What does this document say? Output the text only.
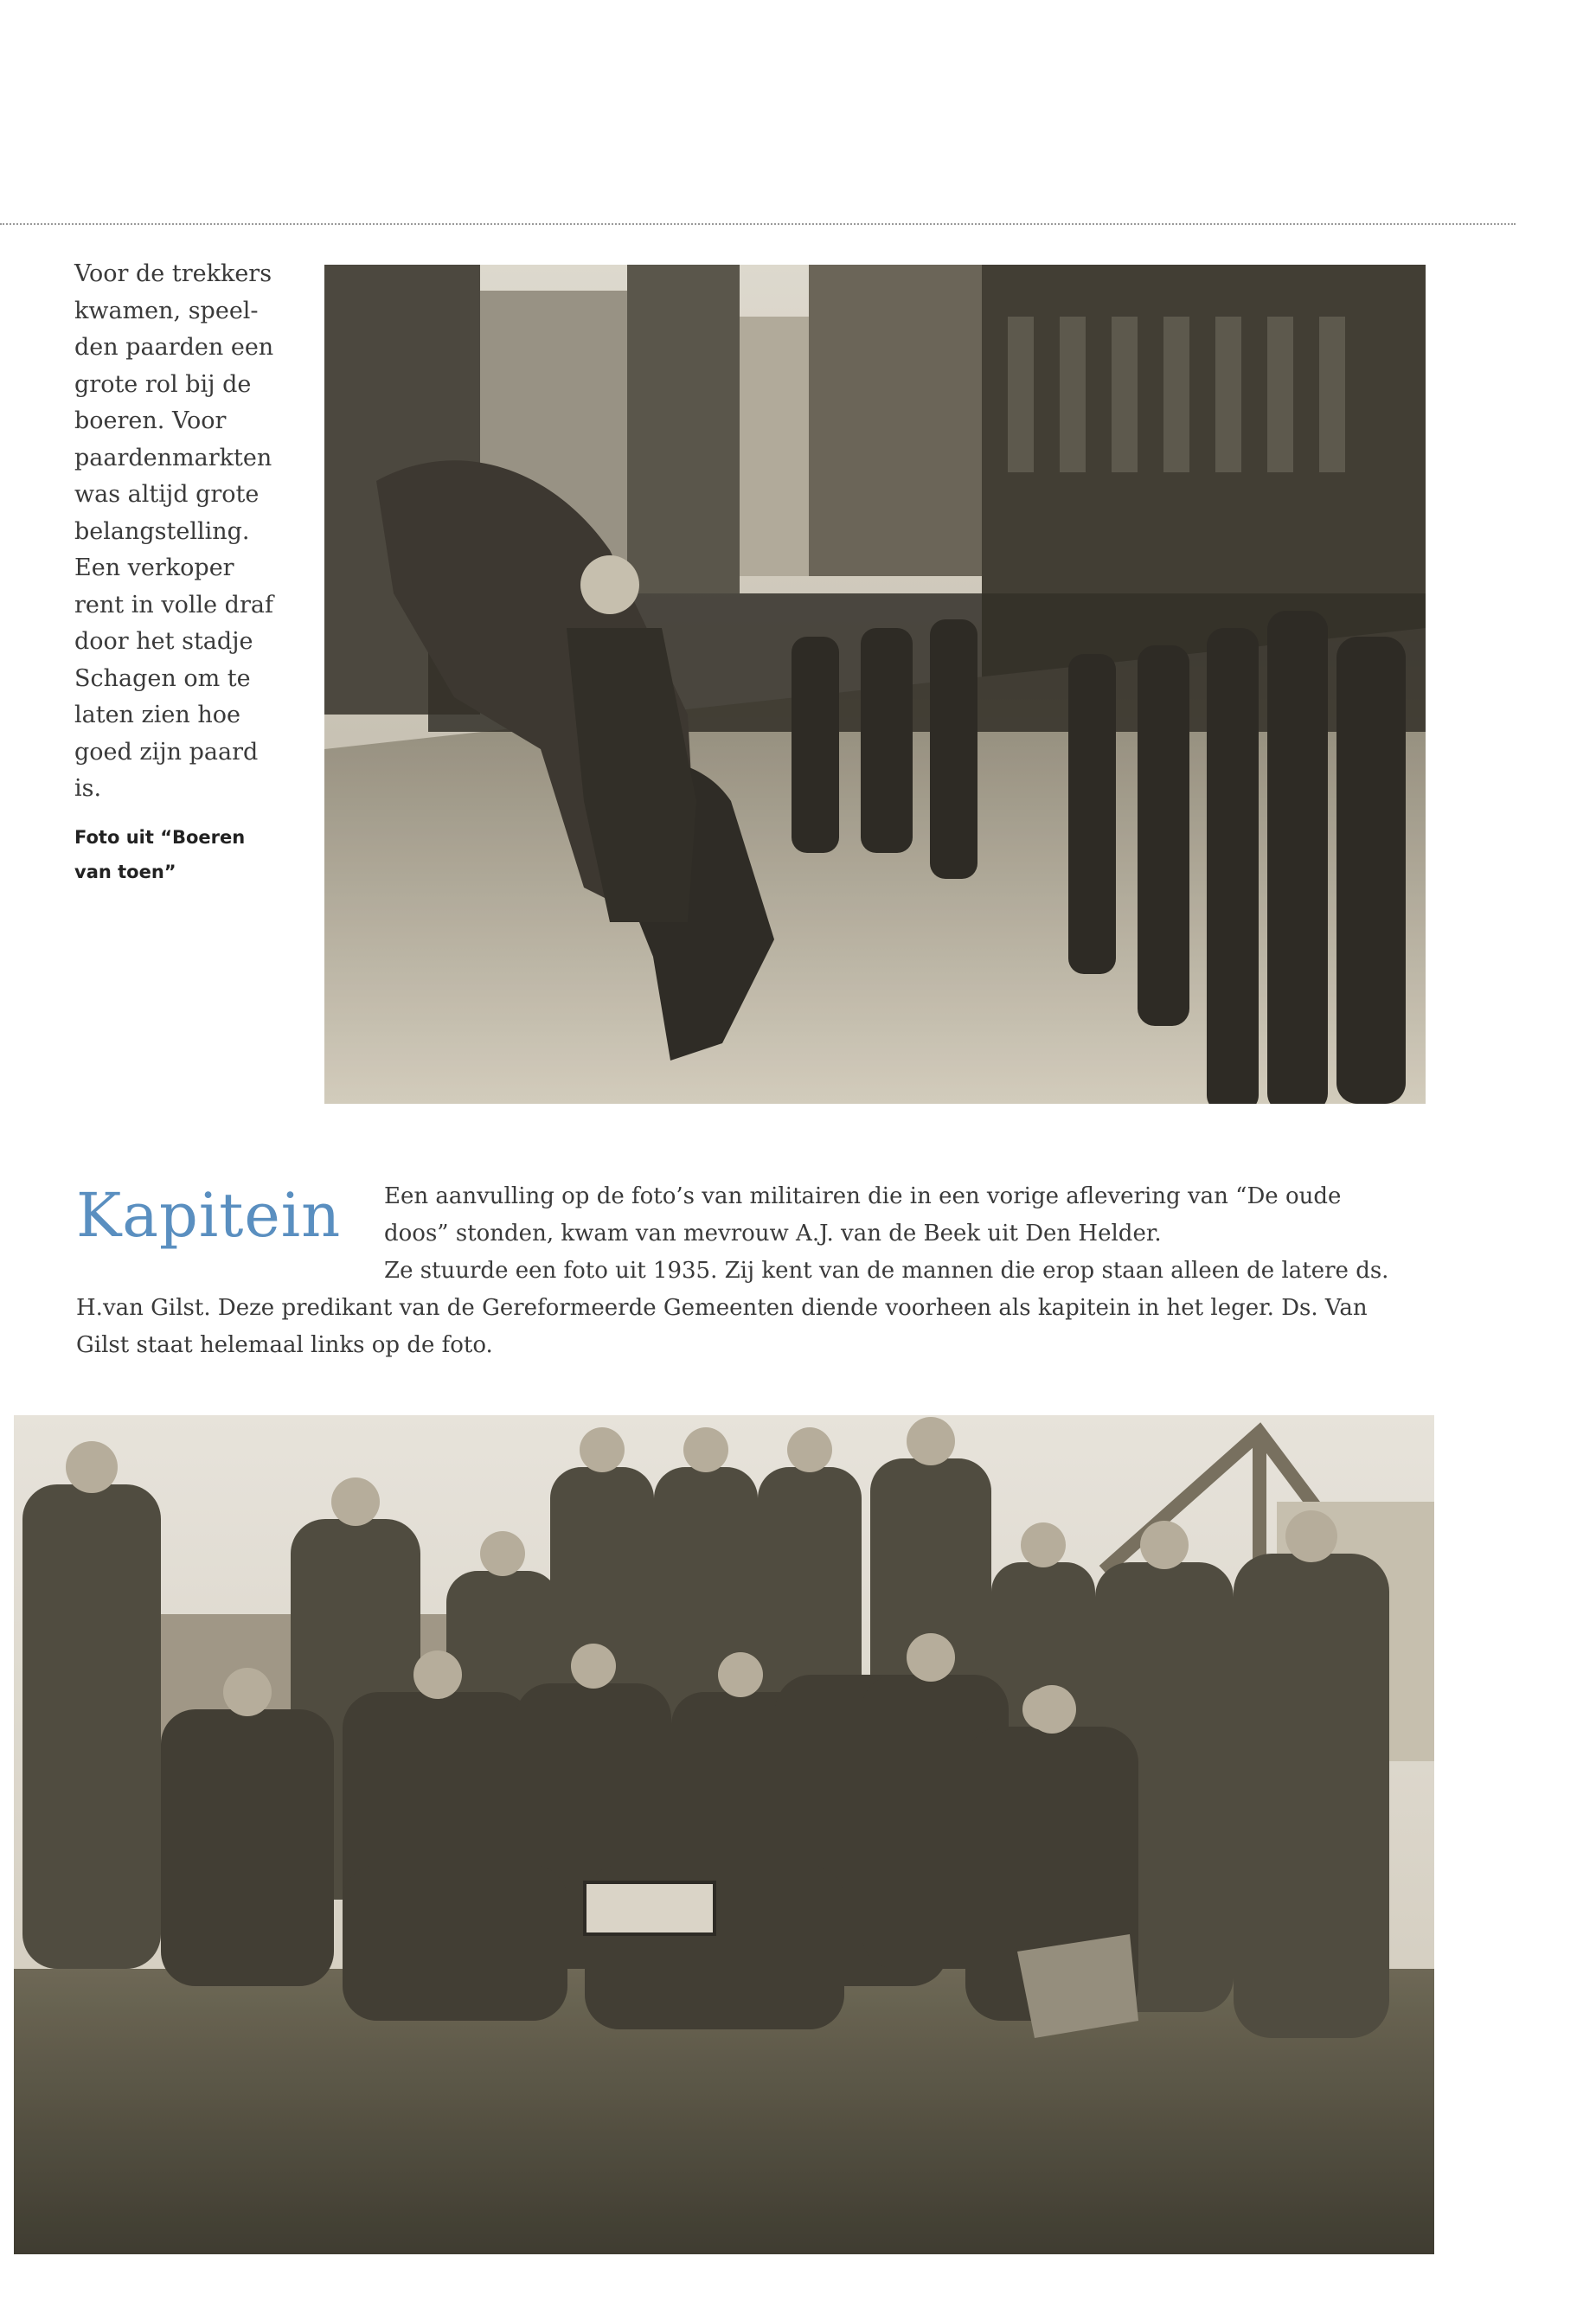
Voor de trekkers
kwamen, speel-
den paarden een
grote rol bij de
boeren. Voor
paardenmarkten
was altijd grote
belangstelling.
Een verkoper
rent in volle draf
door het stadje
Schagen om te
laten zien hoe
goed zijn paard
is.
Foto uit “Boeren
van toen”
Kapitein Een aanvulling op de foto’s van militairen die in een vorige aflevering van “De oude

doos” stonden, kwam van mevrouw A.J. van de Beek uit Den Helder.

Ze stuurde een foto uit 1935. Zij kent van de mannen die erop staan alleen de latere ds.

H.van Gilst. Deze predikant van de Gereformeerde Gemeenten diende voorheen als kapitein in het leger. Ds. Van

Gilst staat helemaal links op de foto.
